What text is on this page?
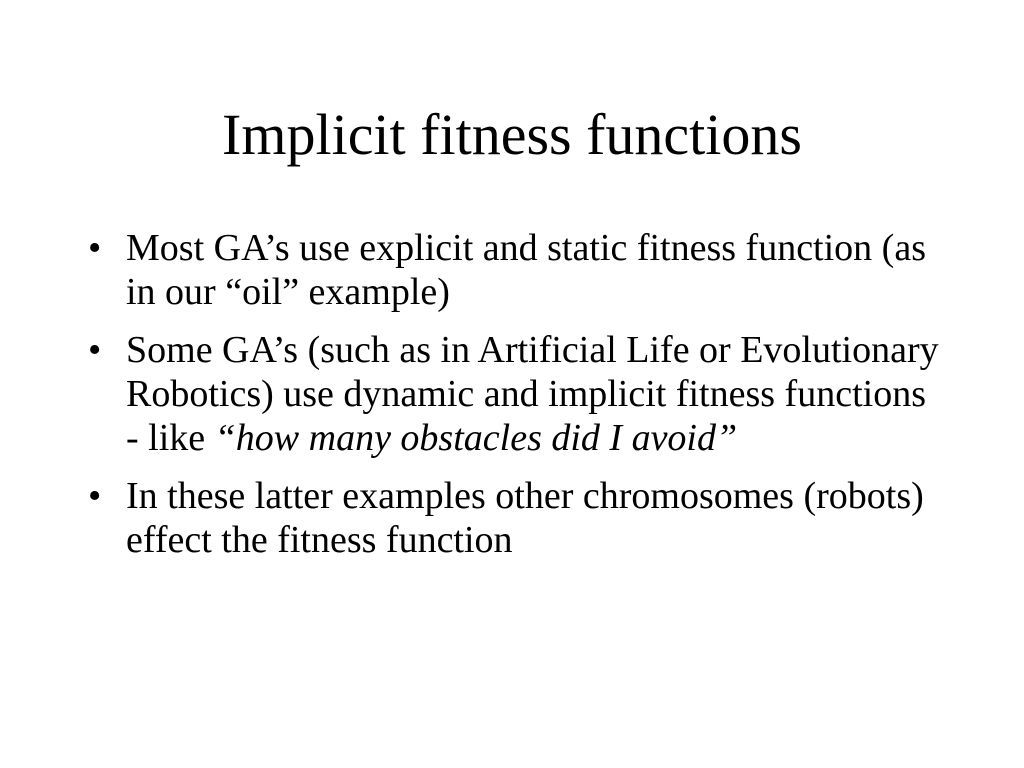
Implicit fitness functions
• Most GA’s use explicit and static fitness function (as in our “oil” example)
• Some GA’s (such as in Artificial Life or Evolutionary Robotics) use dynamic and implicit fitness functions - like “how many obstacles did I avoid”
• In these latter examples other chromosomes (robots) effect the fitness function
